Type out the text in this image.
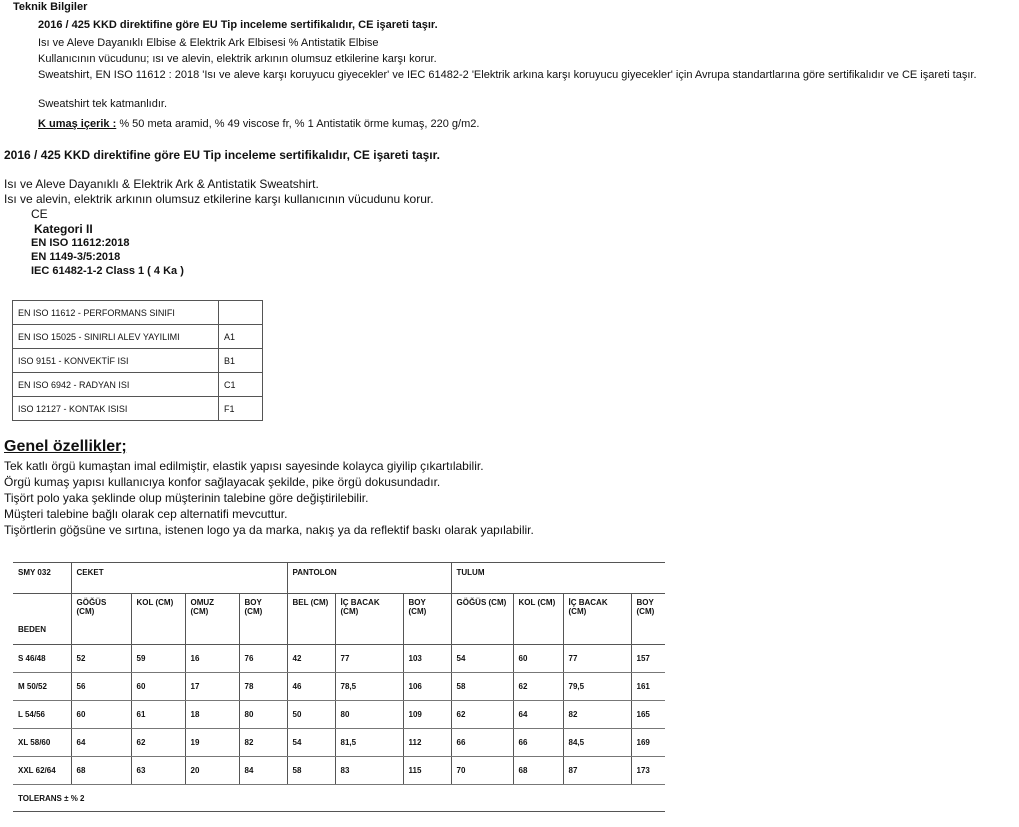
Teknik Bilgiler
2016 / 425 KKD direktifine göre EU Tip inceleme sertifikalıdır, CE işareti taşır.
Isı ve Aleve Dayanıklı Elbise & Elektrik Ark Elbisesi % Antistatik Elbise
Kullanıcının vücudunu; ısı ve alevin, elektrik arkının olumsuz etkilerine karşı korur.
Sweatshirt, EN ISO 11612 : 2018 'Isı ve aleve karşı koruyucu giyecekler' ve IEC 61482-2 'Elektrik arkına karşı koruyucu giyecekler' için Avrupa standartlarına göre sertifikalıdır ve CE işareti taşır.
Sweatshirt tek katmanlıdır.
K umaş içerik : % 50 meta aramid, % 49 viscose fr, % 1 Antistatik örme kumaş, 220 g/m2.
2016 / 425 KKD direktifine göre EU Tip inceleme sertifikalıdır, CE işareti taşır.
Isı ve Aleve Dayanıklı & Elektrik Ark & Antistatik Sweatshirt.
Isı ve alevin, elektrik arkının olumsuz etkilerine karşı kullanıcının vücudunu korur.
CE
Kategori II
EN ISO 11612:2018
EN 1149-3/5:2018
IEC 61482-1-2 Class 1 ( 4 Ka )
EN ISO 11612 - PERFORMANS SINIFI	
EN ISO 15025 - SINIRLI ALEV YAYILIMI	A1
ISO 9151 - KONVEKTİF ISI	B1
EN ISO 6942 - RADYAN ISI	C1
ISO 12127 - KONTAK ISISI	F1
Genel özellikler;
Tek katlı örgü kumaştan imal edilmiştir, elastik yapısı sayesinde kolayca giyilip çıkartılabilir.
Örgü kumaş yapısı kullanıcıya konfor sağlayacak şekilde, pike örgü dokusundadır.
Tişört polo yaka şeklinde olup müşterinin talebine göre değiştirilebilir.
Müşteri talebine bağlı olarak cep alternatifi mevcuttur.
Tişörtlerin göğsüne ve sırtına, istenen logo ya da marka, nakış ya da reflektif baskı olarak yapılabilir.
SMY 032	CEKET				PANTOLON			TULUM			
BEDEN	GÖĞÜS (CM)	KOL (CM)	OMUZ (CM)	BOY (CM)	BEL (CM)	İÇ BACAK (CM)	BOY (CM)	GÖĞÜS (CM)	KOL (CM)	İÇ BACAK (CM)	BOY (CM)
S 46/48	52	59	16	76	42	77	103	54	60	77	157
M 50/52	56	60	17	78	46	78,5	106	58	62	79,5	161
L 54/56	60	61	18	80	50	80	109	62	64	82	165
XL 58/60	64	62	19	82	54	81,5	112	66	66	84,5	169
XXL 62/64	68	63	20	84	58	83	115	70	68	87	173
TOLERANS ± % 2											
